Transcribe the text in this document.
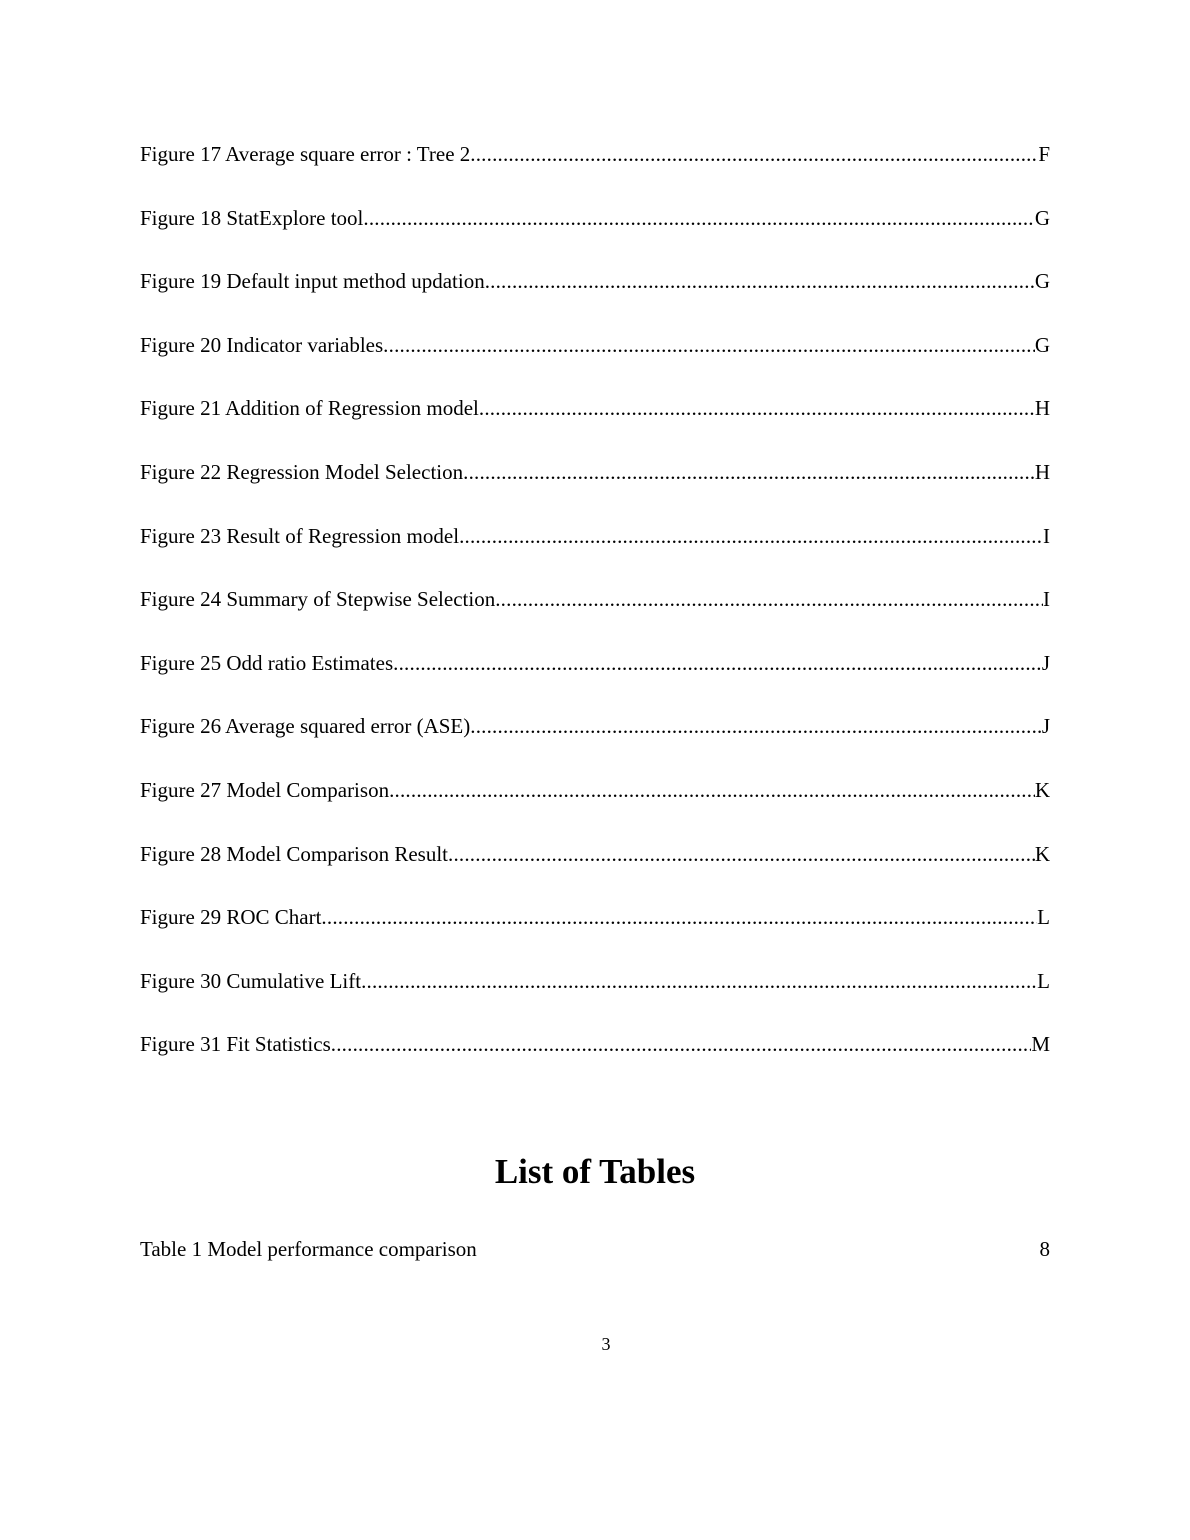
Figure 17 Average square error : Tree 2 .....	F
Figure 18 StatExplore tool .....	G
Figure 19 Default input method updation .....	G
Figure 20 Indicator variables .....	G
Figure 21 Addition of Regression model .....	H
Figure 22 Regression Model Selection .....	H
Figure 23 Result of Regression model .....	I
Figure 24 Summary of Stepwise Selection .....	I
Figure 25 Odd ratio Estimates .....	J
Figure 26 Average squared error (ASE) .....	J
Figure 27 Model Comparison .....	K
Figure 28 Model Comparison Result .....	K
Figure 29 ROC Chart .....	L
Figure 30 Cumulative Lift .....	L
Figure 31 Fit Statistics .....	M
List of Tables
Table 1 Model performance comparison	8
3
